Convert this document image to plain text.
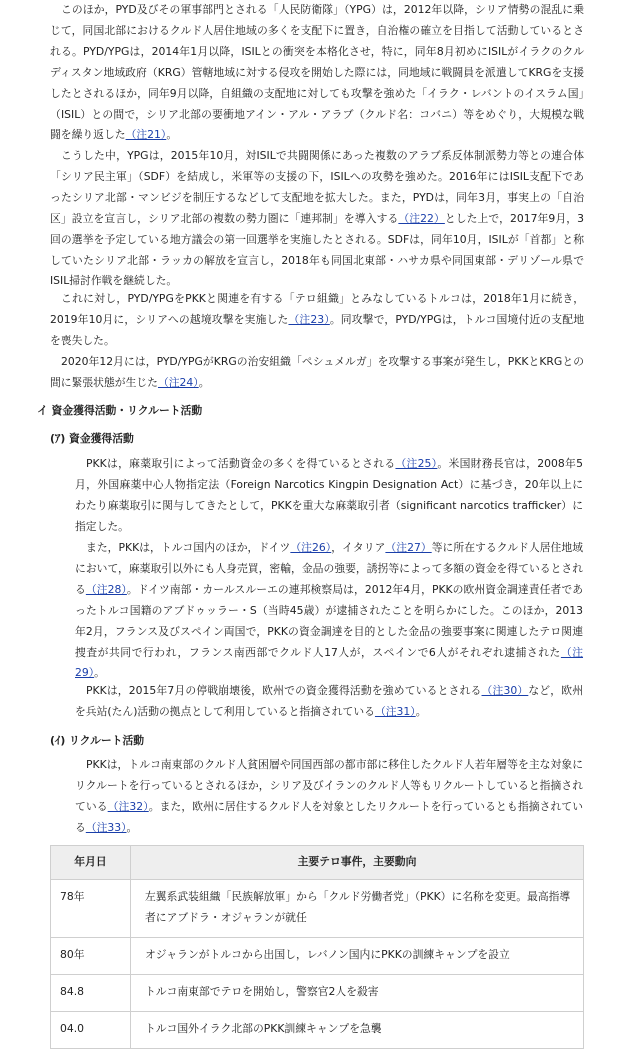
このほか，PYD及びその軍事部門とされる「人民防衛隊」（YPG）は，2012年以降，シリア情勢の混乱に乗じて，同国北部におけるクルド人居住地域の多くを支配下に置き，自治権の確立を目指して活動しているとされる。PYD/YPGは，2014年1月以降，ISILとの衝突を本格化させ，特に，同年8月初めにISILがイラクのクルディスタン地域政府（KRG）管轄地域に対する侵攻を開始した際には，同地域に戦闘員を派遣してKRGを支援したとされるほか，同年9月以降，自組織の支配地に対しても攻撃を強めた「イラク・レバントのイスラム国」（ISIL）との間で，シリア北部の要衝地アイン・アル・アラブ（クルド名：コバニ）等をめぐり，大規模な戦闘を繰り返した（注21）。

こうした中，YPGは，2015年10月，対ISILで共闘関係にあった複数のアラブ系反体制派勢力等との連合体「シリア民主軍」（SDF）を結成し，米軍等の支援の下，ISILへの攻勢を強めた。2016年にはISIL支配下であったシリア北部・マンビジを制圧するなどして支配地を拡大した。また，PYDは，同年3月，事実上の「自治区」設立を宣言し，シリア北部の複数の勢力圏に「連邦制」を導入する（注22）とした上で，2017年9月，3回の選挙を予定している地方議会の第一回選挙を実施したとされる。SDFは，同年10月，ISILが「首都」と称していたシリア北部・ラッカの解放を宣言し，2018年も同国北東部・ハサカ県や同国東部・デリゾール県でISIL掃討作戦を継続した。

これに対し，PYD/YPGをPKKと関連を有する「テロ組織」とみなしているトルコは，2018年1月に続き，2019年10月に，シリアへの越境攻撃を実施した（注23）。同攻撃で，PYD/YPGは，トルコ国境付近の支配地を喪失した。

2020年12月には，PYD/YPGがKRGの治安組織「ペシュメルガ」を攻撃する事案が発生し，PKKとKRGとの間に緊張状態が生じた（注24）。

イ 資金獲得活動・リクルート活動
(ｱ) 資金獲得活動

PKKは，麻薬取引によって活動資金の多くを得ているとされる（注25）。米国財務長官は，2008年5月，外国麻薬中心人物指定法（Foreign Narcotics Kingpin Designation Act）に基づき，20年以上にわたり麻薬取引に関与してきたとして，PKKを重大な麻薬取引者（significant narcotics trafficker）に指定した。

また，PKKは，トルコ国内のほか，ドイツ（注26），イタリア（注27）等に所在するクルド人居住地域において，麻薬取引以外にも人身売買，密輸，金品の強要，誘拐等によって多額の資金を得ているとされる（注28）。ドイツ南部・カールスルーエの連邦検察局は，2012年4月，PKKの欧州資金調達責任者であったトルコ国籍のアブドゥッラー・S（当時45歳）が逮捕されたことを明らかにした。このほか，2013年2月，フランス及びスペイン両国で，PKKの資金調達を目的とした金品の強要事案に関連したテロ関連捜査が共同で行われ，フランス南西部でクルド人17人が，スペインで6人がそれぞれ逮捕された（注29）。

PKKは，2015年7月の停戦崩壊後，欧州での資金獲得活動を強めているとされる（注30）など，欧州を兵站(たん)活動の拠点として利用していると指摘されている（注31）。

(ｲ) リクルート活動

PKKは，トルコ南東部のクルド人貧困層や同国西部の都市部に移住したクルド人若年層等を主な対象にリクルートを行っているとされるほか，シリア及びイランのクルド人等もリクルートしていると指摘されている（注32）。また，欧州に居住するクルド人を対象としたリクルートを行っているとも指摘されている（注33）。

年月日	主要テロ事件，主要動向
78年	左翼系武装組織「民族解放軍」から「クルド労働者党」（PKK）に名称を変更。最高指導者にアブドラ・オジャランが就任
80年	オジャランがトルコから出国し，レバノン国内にPKKの訓練キャンプを設立
84.8	トルコ南東部でテロを開始し，警察官2人を殺害
04.0	トルコ国外イラク北部のPKK訓練キャンプを急襲
